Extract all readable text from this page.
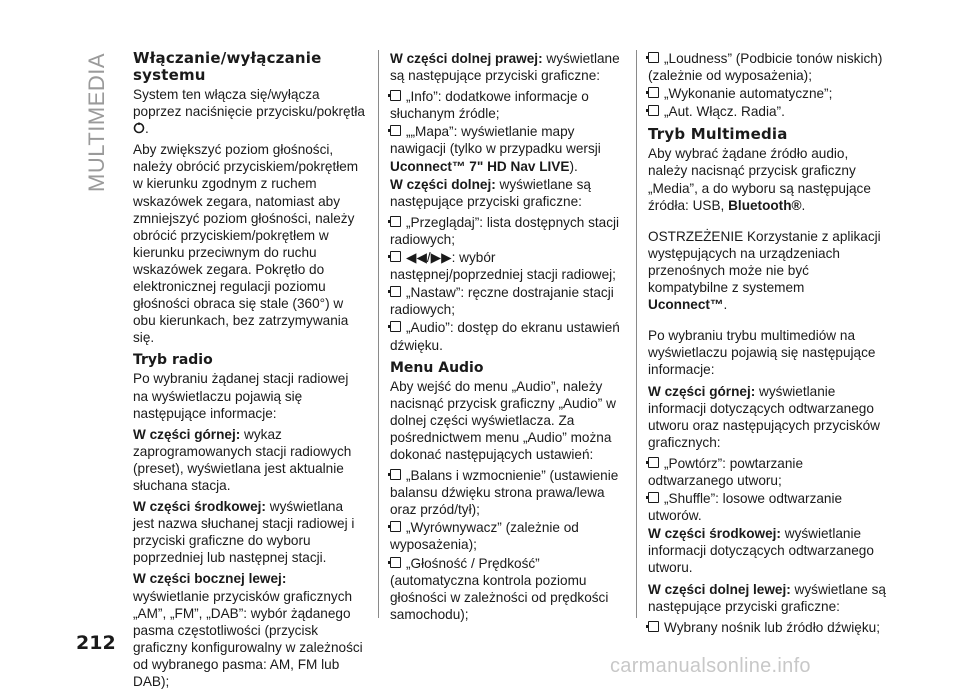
MULTIMEDIA
212
Włączanie/wyłączanie systemu

System ten włącza się/wyłącza poprzez naciśnięcie przycisku/pokrętła .

Aby zwiększyć poziom głośności, należy obrócić przyciskiem/pokrętłem w kierunku zgodnym z ruchem wskazówek zegara, natomiast aby zmniejszyć poziom głośności, należy obrócić przyciskiem/pokrętłem w kierunku przeciwnym do ruchu wskazówek zegara. Pokrętło do elektronicznej regulacji poziomu głośności obraca się stale (360°) w obu kierunkach, bez zatrzymywania się.

Tryb radio

Po wybraniu żądanej stacji radiowej na wyświetlaczu pojawią się następujące informacje:

W części górnej: wykaz zaprogramowanych stacji radiowych (preset), wyświetlana jest aktualnie słuchana stacja.

W części środkowej: wyświetlana jest nazwa słuchanej stacji radiowej i przyciski graficzne do wyboru poprzedniej lub następnej stacji.

W części bocznej lewej: wyświetlanie przycisków graficznych „AM”, „FM”, „DAB”: wybór żądanego pasma częstotliwości (przycisk graficzny konfigurowalny w zależności od wybranego pasma: AM, FM lub DAB);

W części dolnej prawej: wyświetlane są następujące przyciski graficzne:

„Info”: dodatkowe informacje o słuchanym źródle;
„„Mapa”: wyświetlanie mapy nawigacji (tylko w przypadku wersji Uconnect™ 7" HD Nav LIVE).

W części dolnej: wyświetlane są następujące przyciski graficzne:

„Przeglądaj”: lista dostępnych stacji radiowych;
◀◀/▶▶: wybór następnej/poprzedniej stacji radiowej;
„Nastaw”: ręczne dostrajanie stacji radiowych;
„Audio”: dostęp do ekranu ustawień dźwięku.
Menu Audio

Aby wejść do menu „Audio”, należy nacisnąć przycisk graficzny „Audio” w dolnej części wyświetlacza. Za pośrednictwem menu „Audio” można dokonać następujących ustawień:

„Balans i wzmocnienie” (ustawienie balansu dźwięku strona prawa/lewa oraz przód/tył);
„Wyrównywacz” (zależnie od wyposażenia);
„Głośność / Prędkość” (automatyczna kontrola poziomu głośności w zależności od prędkości samochodu);
„Loudness” (Podbicie tonów niskich) (zależnie od wyposażenia);
„Wykonanie automatyczne”;
„Aut. Włącz. Radia”.
Tryb Multimedia

Aby wybrać żądane źródło audio, należy nacisnąć przycisk graficzny „Media”, a do wyboru są następujące źródła: USB, Bluetooth®.

OSTRZEŻENIE Korzystanie z aplikacji występujących na urządzeniach przenośnych może nie być kompatybilne z systemem Uconnect™.

Po wybraniu trybu multimediów na wyświetlaczu pojawią się następujące informacje:

W części górnej: wyświetlanie informacji dotyczących odtwarzanego utworu oraz następujących przycisków graficznych:

„Powtórz”: powtarzanie odtwarzanego utworu;
„Shuffle”: losowe odtwarzanie utworów.

W części środkowej: wyświetlanie informacji dotyczących odtwarzanego utworu.

W części dolnej lewej: wyświetlane są następujące przyciski graficzne:

Wybrany nośnik lub źródło dźwięku;
carmanualsonline.info
